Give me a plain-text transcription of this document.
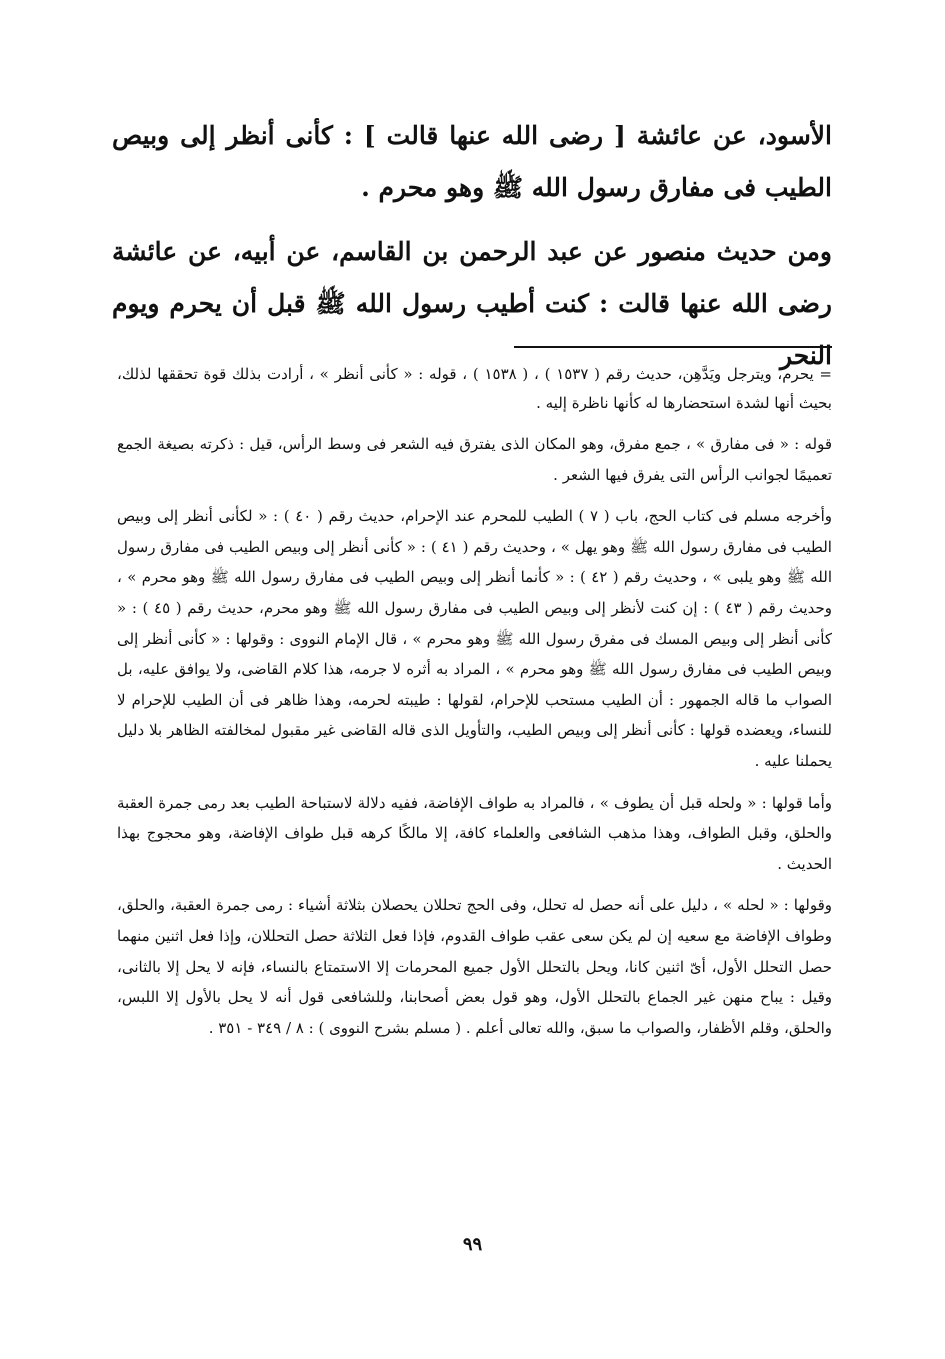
الأسود، عن عائشة [ رضى الله عنها قالت ] : كأنى أنظر إلى وبيص الطيب فى مفارق رسول الله ﷺ وهو محرم .

ومن حديث منصور عن عبد الرحمن بن القاسم، عن أبيه، عن عائشة رضى الله عنها قالت : كنت أطيب رسول الله ﷺ قبل أن يحرم ويوم النحر

= يحرم، ويترجل ويَدَّهِن، حديث رقم ( ١٥٣٧ ) ، ( ١٥٣٨ ) ، قوله : « كأنى أنظر » ، أرادت بذلك قوة تحققها لذلك، بحيث أنها لشدة استحضارها له كأنها ناظرة إليه .

قوله : « فى مفارق » ، جمع مفرق، وهو المكان الذى يفترق فيه الشعر فى وسط الرأس، قيل : ذكرته بصيغة الجمع تعميمًا لجوانب الرأس التى يفرق فيها الشعر .

وأخرجه مسلم فى كتاب الحج، باب ( ٧ ) الطيب للمحرم عند الإحرام، حديث رقم ( ٤٠ ) : « لكأنى أنظر إلى وبيص الطيب فى مفارق رسول الله ﷺ وهو يهل » ، وحديث رقم ( ٤١ ) : « كأنى أنظر إلى وبيص الطيب فى مفارق رسول الله ﷺ وهو يلبى » ، وحديث رقم ( ٤٢ ) : « كأنما أنظر إلى وبيص الطيب فى مفارق رسول الله ﷺ وهو محرم » ، وحديث رقم ( ٤٣ ) : إن كنت لأنظر إلى وبيص الطيب فى مفارق رسول الله ﷺ وهو محرم، حديث رقم ( ٤٥ ) : « كأنى أنظر إلى وبيص المسك فى مفرق رسول الله ﷺ وهو محرم » ، قال الإمام النووى : وقولها : « كأنى أنظر إلى وبيص الطيب فى مفارق رسول الله ﷺ وهو محرم » ، المراد به أثره لا جرمه، هذا كلام القاضى، ولا يوافق عليه، بل الصواب ما قاله الجمهور : أن الطيب مستحب للإحرام، لقولها : طيبته لحرمه، وهذا ظاهر فى أن الطيب للإحرام لا للنساء، ويعضده قولها : كأنى أنظر إلى وبيص الطيب، والتأويل الذى قاله القاضى غير مقبول لمخالفته الظاهر بلا دليل يحملنا عليه .

وأما قولها : « ولحله قبل أن يطوف » ، فالمراد به طواف الإفاضة، ففيه دلالة لاستباحة الطيب بعد رمى جمرة العقبة والحلق، وقبل الطواف، وهذا مذهب الشافعى والعلماء كافة، إلا مالكًا كرهه قبل طواف الإفاضة، وهو محجوج بهذا الحديث .

وقولها : « لحله » ، دليل على أنه حصل له تحلل، وفى الحج تحللان يحصلان بثلاثة أشياء : رمى جمرة العقبة، والحلق، وطواف الإفاضة مع سعيه إن لم يكن سعى عقب طواف القدوم، فإذا فعل الثلاثة حصل التحللان، وإذا فعل اثنين منهما حصل التحلل الأول، أىّ اثنين كانا، ويحل بالتحلل الأول جميع المحرمات إلا الاستمتاع بالنساء، فإنه لا يحل إلا بالثانى، وقيل : يباح منهن غير الجماع بالتحلل الأول، وهو قول بعض أصحابنا، وللشافعى قول أنه لا يحل بالأول إلا اللبس، والحلق، وقلم الأظفار، والصواب ما سبق، والله تعالى أعلم . ( مسلم بشرح النووى ) : ٨ / ٣٤٩ - ٣٥١ .

٩٩
